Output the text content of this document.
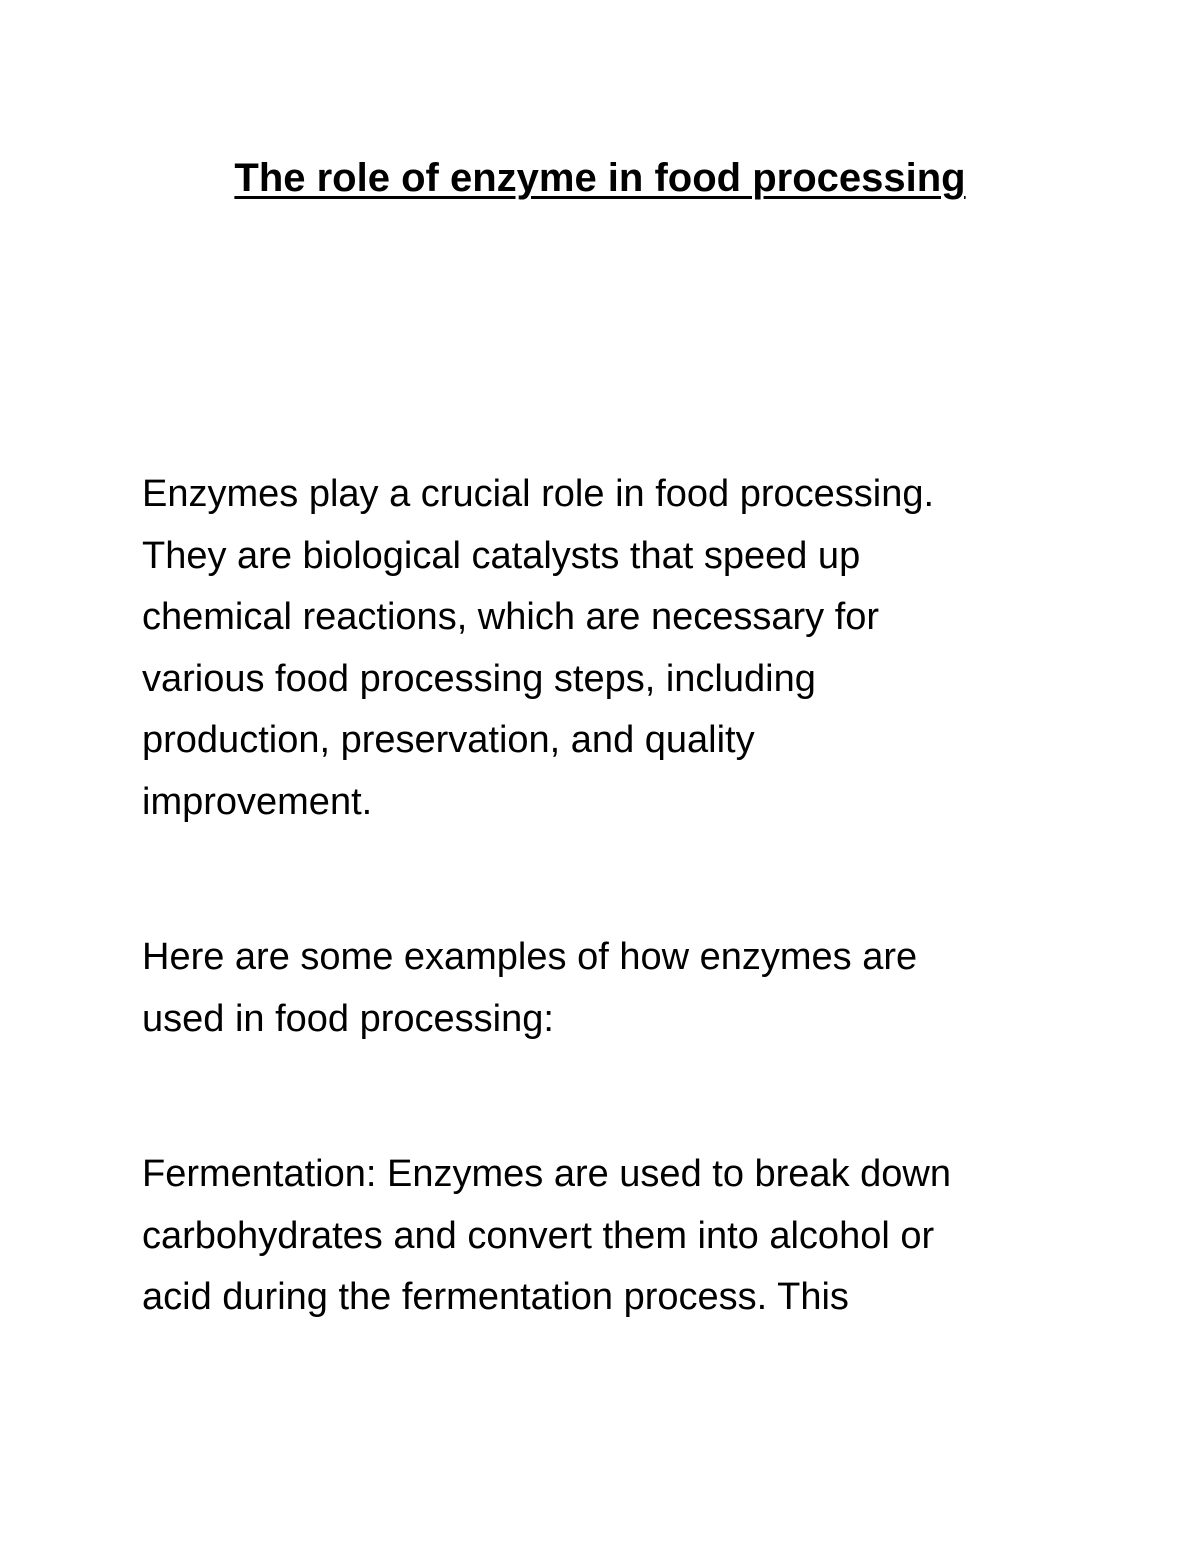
The role of enzyme in food processing

Enzymes play a crucial role in food processing.
They are biological catalysts that speed up
chemical reactions, which are necessary for
various food processing steps, including
production, preservation, and quality
improvement.

Here are some examples of how enzymes are
used in food processing:

Fermentation: Enzymes are used to break down
carbohydrates and convert them into alcohol or
acid during the fermentation process. This
